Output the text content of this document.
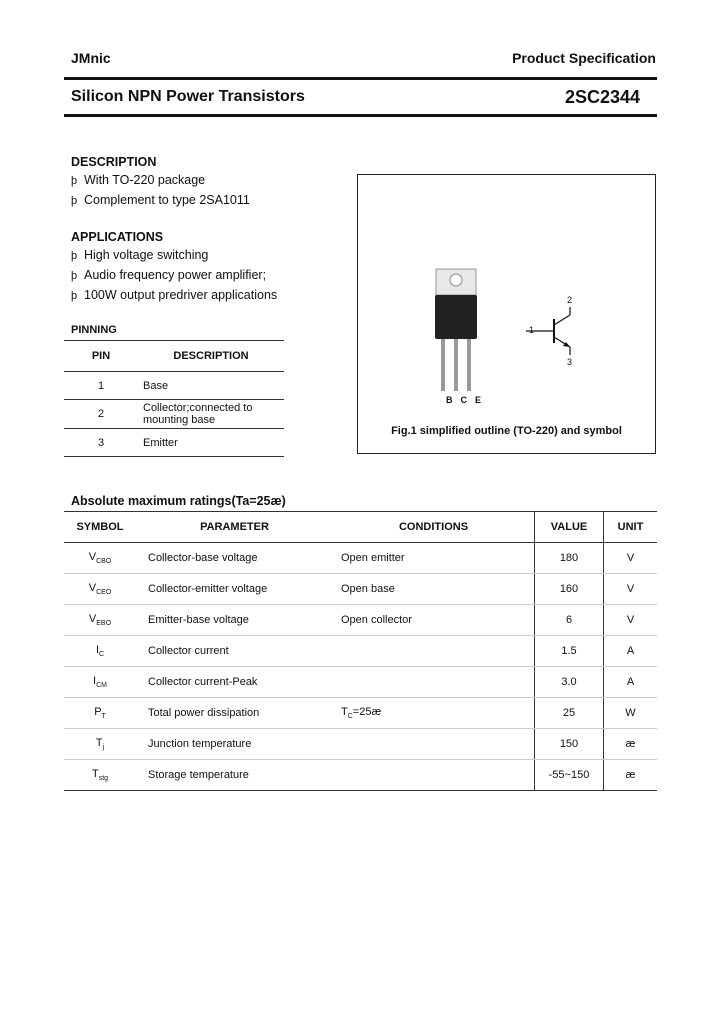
JMnic	Product Specification
Silicon NPN Power Transistors	2SC2344
DESCRIPTION
þ With TO-220 package
þ Complement to type 2SA1011
APPLICATIONS
þ High voltage switching
þ Audio frequency power amplifier;
þ 100W output predriver applications
PINNING
PIN	DESCRIPTION
1	Base
2	Collector;connected to
mounting base
3	Emitter
BCE
1
2
3
Fig.1 simplified outline (TO-220) and symbol
Absolute maximum ratings(Ta=25æ)
SYMBOL	PARAMETER	CONDITIONS	VALUE	UNIT
$V_{CBO}$	Collector-base voltage	Open emitter	180	V
$V_{CEO}$	Collector-emitter voltage	Open base	160	V
$V_{EBO}$	Emitter-base voltage	Open collector	6	V
$I_C$	Collector current		1.5	A
$I_{CM}$	Collector current-Peak		3.0	A
$P_T$	Total power dissipation	$T_C=25æ$	25	W
$T_j$	Junction temperature		150	æ
$T_{stg}$	Storage temperature		-55~150	æ
